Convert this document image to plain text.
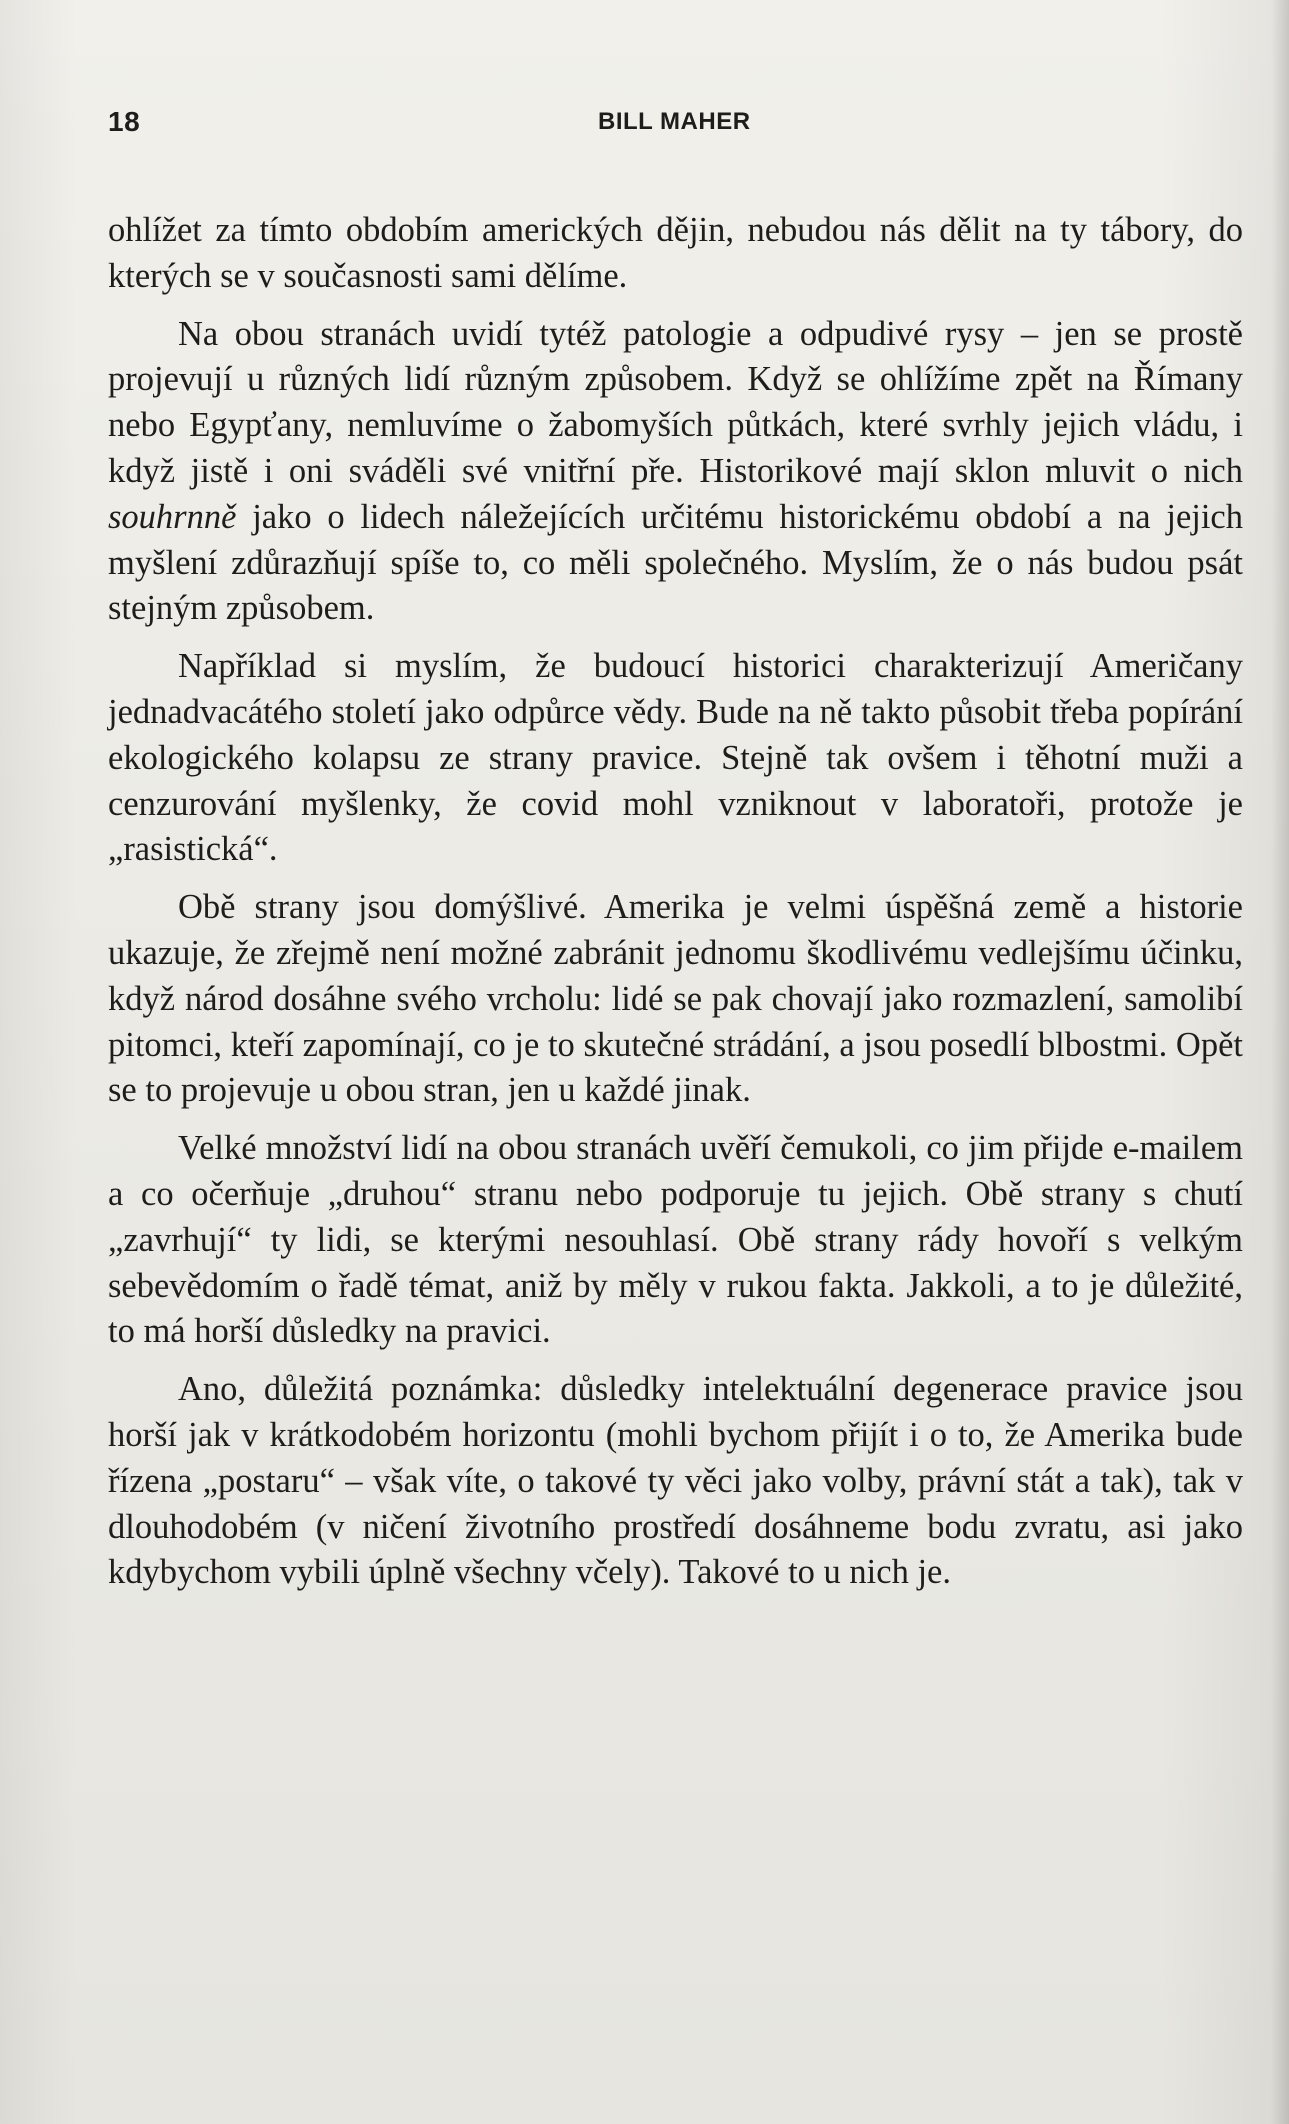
18	BILL MAHER

ohlížet za tímto obdobím amerických dějin, nebudou nás dělit na ty tábory, do kterých se v současnosti sami dělíme.

Na obou stranách uvidí tytéž patologie a odpudivé rysy – jen se prostě projevují u různých lidí různým způsobem. Když se ohlížíme zpět na Římany nebo Egypťany, nemluvíme o žabomyších půtkách, které svrhly jejich vládu, i když jistě i oni sváděli své vnitřní pře. Historikové mají sklon mluvit o nich souhrnně jako o lidech náležejících určitému historickému období a na jejich myšlení zdůrazňují spíše to, co měli společného. Myslím, že o nás budou psát stejným způsobem.

Například si myslím, že budoucí historici charakterizují Američany jednadvacátého století jako odpůrce vědy. Bude na ně takto působit třeba popírání ekologického kolapsu ze strany pravice. Stejně tak ovšem i těhotní muži a cenzurování myšlenky, že covid mohl vzniknout v laboratoři, protože je „rasistická“.

Obě strany jsou domýšlivé. Amerika je velmi úspěšná země a historie ukazuje, že zřejmě není možné zabránit jednomu škodlivému vedlejšímu účinku, když národ dosáhne svého vrcholu: lidé se pak chovají jako rozmazlení, samolibí pitomci, kteří zapomínají, co je to skutečné strádání, a jsou posedlí blbostmi. Opět se to projevuje u obou stran, jen u každé jinak.

Velké množství lidí na obou stranách uvěří čemukoli, co jim přijde e-mailem a co očerňuje „druhou“ stranu nebo podporuje tu jejich. Obě strany s chutí „zavrhují“ ty lidi, se kterými nesouhlasí. Obě strany rády hovoří s velkým sebevědomím o řadě témat, aniž by měly v rukou fakta. Jakkoli, a to je důležité, to má horší důsledky na pravici.

Ano, důležitá poznámka: důsledky intelektuální degenerace pravice jsou horší jak v krátkodobém horizontu (mohli bychom přijít i o to, že Amerika bude řízena „postaru“ – však víte, o takové ty věci jako volby, právní stát a tak), tak v dlouhodobém (v ničení životního prostředí dosáhneme bodu zvratu, asi jako kdybychom vybili úplně všechny včely). Takové to u nich je.
